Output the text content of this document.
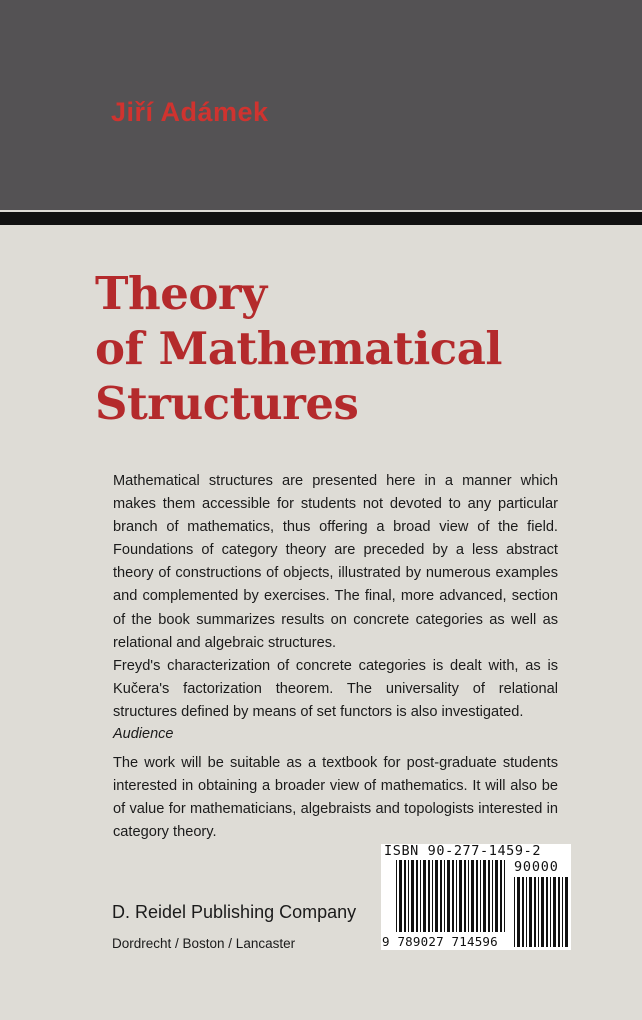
Jiří Adámek
Theory
of Mathematical
Structures

Mathematical structures are presented here in a manner which makes them accessible for students not devoted to any particular branch of mathematics, thus offering a broad view of the field. Foundations of category theory are preceded by a less abstract theory of constructions of objects, illustrated by numerous examples and complemented by exercises. The final, more advanced, section of the book summarizes results on concrete categories as well as relational and algebraic structures.

Freyd's characterization of concrete categories is dealt with, as is Kučera's factorization theorem. The universality of relational structures defined by means of set functors is also investigated.

Audience

The work will be suitable as a textbook for post-graduate students interested in obtaining a broader view of mathematics. It will also be of value for mathematicians, algebraists and topologists interested in category theory.

D. Reidel Publishing Company
Dordrecht / Boston / Lancaster
ISBN 90-277-1459-2
90000
9 789027 714596
